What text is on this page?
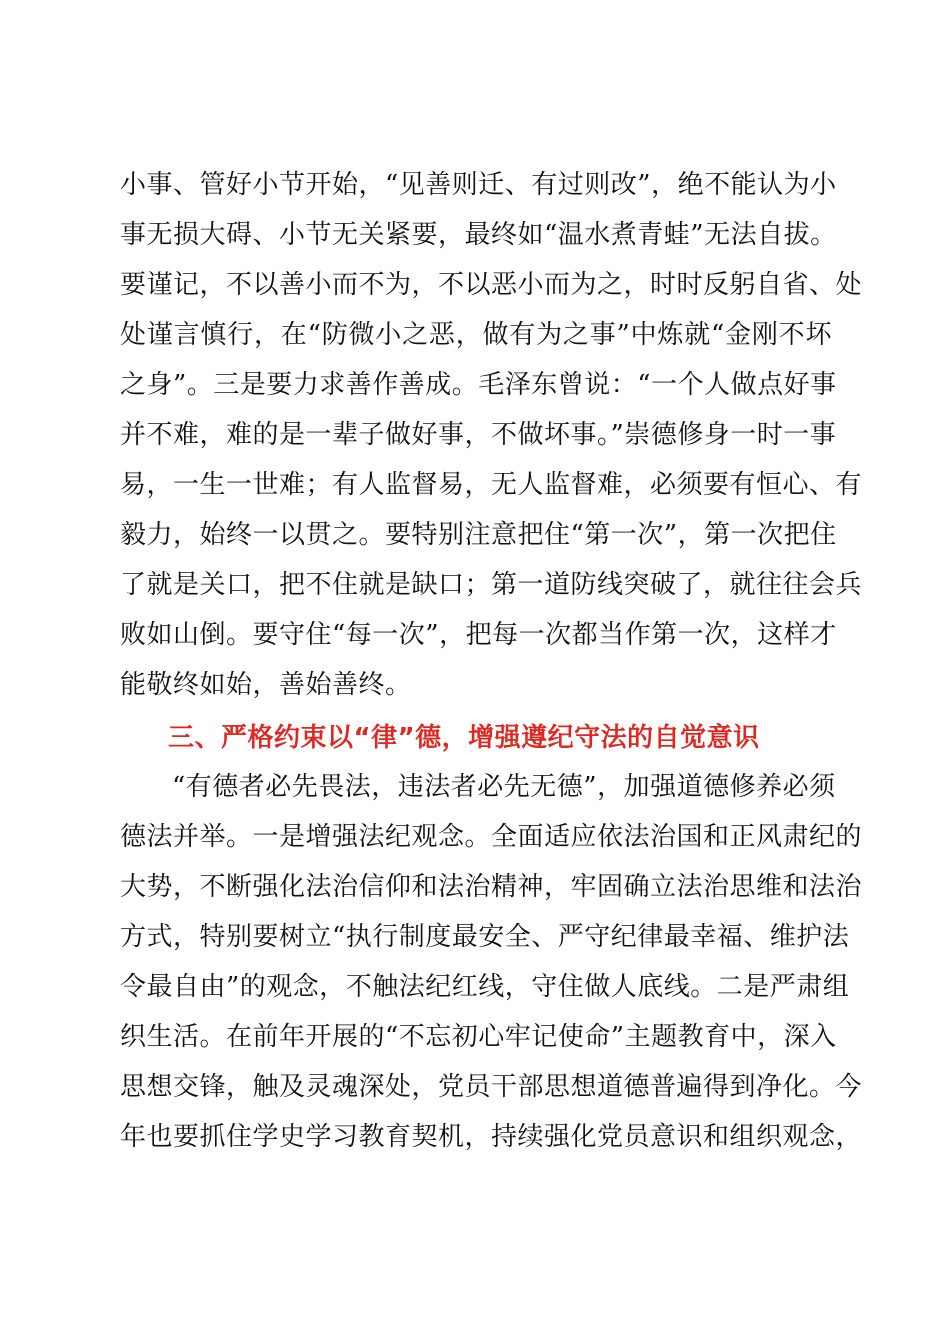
小事、管好小节开始，“见善则迁、有过则改”，绝不能认为小
事无损大碍、小节无关紧要，最终如“温水煮青蛙”无法自拔。
要谨记，不以善小而不为，不以恶小而为之，时时反躬自省、处
处谨言慎行，在“防微小之恶，做有为之事”中炼就“金刚不坏
之身”。三是要力求善作善成。毛泽东曾说：“一个人做点好事
并不难，难的是一辈子做好事，不做坏事。”崇德修身一时一事
易，一生一世难；有人监督易，无人监督难，必须要有恒心、有
毅力，始终一以贯之。要特别注意把住“第一次”，第一次把住
了就是关口，把不住就是缺口；第一道防线突破了，就往往会兵
败如山倒。要守住“每一次”，把每一次都当作第一次，这样才
能敬终如始，善始善终。
三、严格约束以“律”德，增强遵纪守法的自觉意识
“有德者必先畏法，违法者必先无德”，加强道德修养必须
德法并举。一是增强法纪观念。全面适应依法治国和正风肃纪的
大势，不断强化法治信仰和法治精神，牢固确立法治思维和法治
方式，特别要树立“执行制度最安全、严守纪律最幸福、维护法
令最自由”的观念，不触法纪红线，守住做人底线。二是严肃组
织生活。在前年开展的“不忘初心牢记使命”主题教育中，深入
思想交锋，触及灵魂深处，党员干部思想道德普遍得到净化。今
年也要抓住学史学习教育契机，持续强化党员意识和组织观念，
